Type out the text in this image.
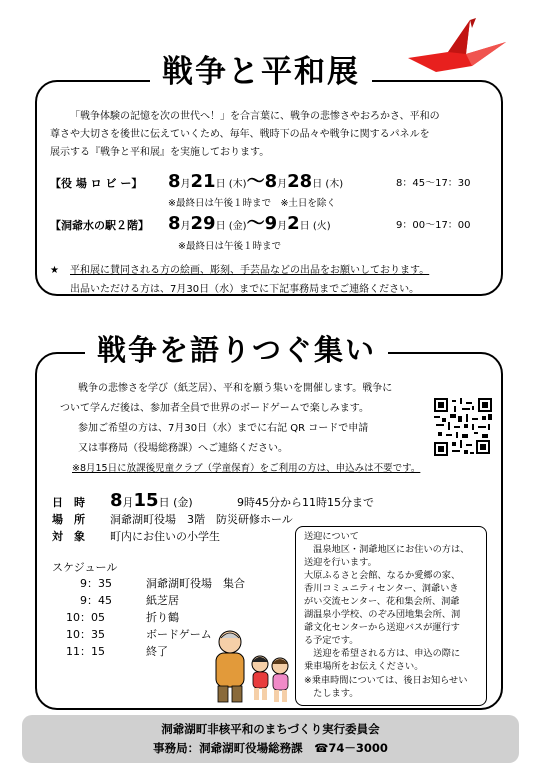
戦争と平和展
「戦争体験の記憶を次の世代へ！」を合言葉に、戦争の悲惨さやおろかさ、平和の
尊さや大切さを後世に伝えていくため、毎年、戦時下の品々や戦争に関するパネルを
展示する『戦争と平和展』を実施しております。
【役 場 ロ ビ ー】 8月21日 (木)～8月28日 (木)	8：45～17：30
※最終日は午後１時まで　※土日を除く
【洞爺水の駅２階】 8月29日 (金)～9月2日 (火)	9：00～17：00
※最終日は午後１時まで
★ 平和展に賛同される方の絵画、彫刻、手芸品などの出品をお願いしております。
出品いただける方は、7月30日（水）までに下記事務局までご連絡ください。
戦争を語りつぐ集い
戦争の悲惨さを学び（紙芝居）、平和を願う集いを開催します。戦争に
ついて学んだ後は、参加者全員で世界のボードゲームで楽しみます。
参加ご希望の方は、7月30日（水）までに右記 QR コードで申請
又は事務局（役場総務課）へご連絡ください。
※8月15日に放課後児童クラブ（学童保育）をご利用の方は、申込みは不要です。
日　時 8月15日 (金)	9時45分から11時15分まで
場　所 洞爺湖町役場　3階　防災研修ホール
対　象 町内にお住いの小学生
スケジュール
9：35	洞爺湖町役場　集合
9：45	紙芝居
10：05	折り鶴
10：35	ボードゲーム
11：15	終了
送迎について
　温泉地区・洞爺地区にお住いの方は、
送迎を行います。
大原ふるさと会館、なるか愛郷の家、
香川コミュニティセンター、洞爺いき
がい交流センター、花和集会所、洞爺
湖温泉小学校、のぞみ団地集会所、洞
爺文化センターから送迎バスが運行す
る予定です。
　送迎を希望される方は、申込の際に
乗車場所をお伝えください。
※乗車時間については、後日お知らせい
　たします。
洞爺湖町非核平和のまちづくり実行委員会
事務局：洞爺湖町役場総務課　☎74－3000
